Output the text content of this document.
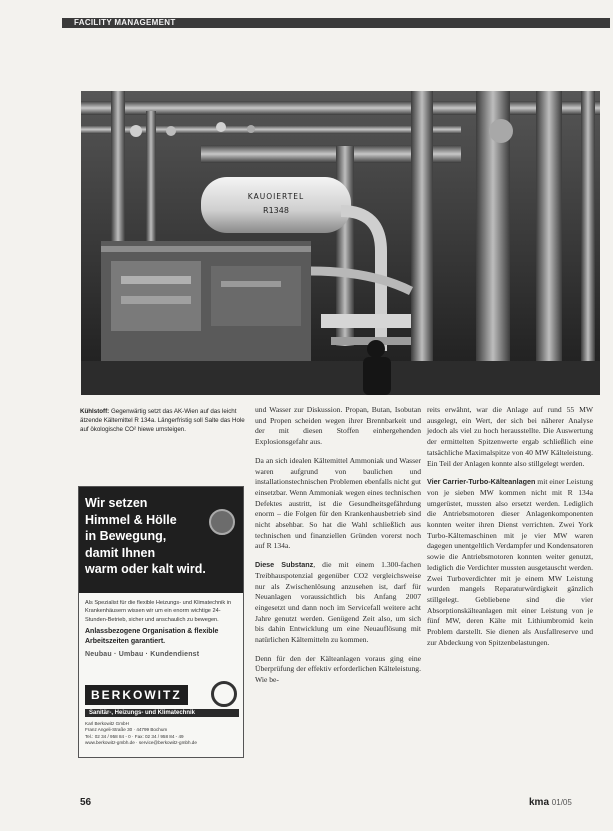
FACILITY MANAGEMENT
KAUOIERTEL
R1348
Kühlstoff: Gegenwärtig setzt das AK-Wien auf das leicht ätzende Kältemittel R 134a. Längerfristig soll Salte das Hole auf ökologische CO² hiewe umsteigen.

und Wasser zur Diskussion. Propan, Butan, Isobutan und Propen scheiden wegen ihrer Brennbarkeit und der mit diesen Stoffen einhergehenden Explosionsgefahr aus.

Da an sich idealen Kältemittel Ammoniak und Wasser waren aufgrund von baulichen und installationstechnischen Problemen ebenfalls nicht gut einsetzbar. Wenn Ammoniak wegen eines technischen Defektes austritt, ist die Gesundheitsgefährdung enorm – die Folgen für den Krankenhausbetrieb sind nicht absehbar. So hat die Wahl schließlich aus technischen und finanziellen Gründen vorerst noch auf R 134a.

Diese Substanz, die mit einem 1.300-fachen Treibhauspotenzial gegenüber CO2 vergleichsweise nur als Zwischenlösung anzusehen ist, darf für Neuanlagen voraussichtlich bis Anfang 2007 eingesetzt und dann noch im Servicefall weitere acht Jahre genutzt werden. Genügend Zeit also, um sich bis dahin Entwicklung um eine Neuauflösung mit natürlichen Kältemitteln zu kommen.

Denn für den der Kälteanlagen voraus ging eine Überprüfung der effektiv erforderlichen Kälteleistung. Wie be-

reits erwähnt, war die Anlage auf rund 55 MW ausgelegt, ein Wert, der sich bei näherer Analyse jedoch als viel zu hoch herausstellte. Die Auswertung der ermittelten Spitzenwerte ergab schließlich eine tatsächliche Maximalspitze von 40 MW Kälteleistung. Ein Teil der Anlagen konnte also stillgelegt werden.

Vier Carrier-Turbo-Kälteanlagen mit einer Leistung von je sieben MW kommen nicht mit R 134a umgerüstet, mussten also ersetzt werden. Lediglich die Antriebsmotoren dieser Anlagenkomponenten konnten weiter ihren Dienst verrichten. Zwei York Turbo-Kältemaschinen mit je vier MW waren dagegen unentgeltlich Verdampfer und Kondensatoren sowie die Antriebsmotoren konnten weiter genutzt, lediglich die Verdichter mussten ausgetauscht werden. Zwei Turboverdichter mit je einem MW Leistung wurden mangels Reparaturwürdigkeit gänzlich stillgelegt. Gebliebene sind die vier Absorptionskälteanlagen mit einer Leistung von je fünf MW, deren Kälte mit Lithiumbromid kein Problem darstellt. Sie dienen als Ausfallreserve und zur Abdeckung von Spitzenbelastungen.

Wir setzen
Himmel & Hölle
in Bewegung,
damit Ihnen
warm oder kalt wird.
Als Spezialist für die flexible Heizungs- und Klimatechnik in Krankenhäusern wissen wir um ein enorm wichtige 24-Stunden-Betrieb, sicher und anschaulich zu bewegen.
Anlassbezogene Organisation & flexible Arbeitszeiten garantiert.
Neubau · Umbau · Kundendienst
BERKOWITZ
Sanitär-, Heizungs- und Klimatechnik
Karl Berkowitz GmbH
Franz Angeli-Straße 30 · 44799 Bochum
Tel.: 02 34 / 958 84 - 0 · Fax: 02 34 / 958 84 - 49
www.berkowitz-gmbh.de · service@berkowitz-gmbh.de
56	kma 01/05
